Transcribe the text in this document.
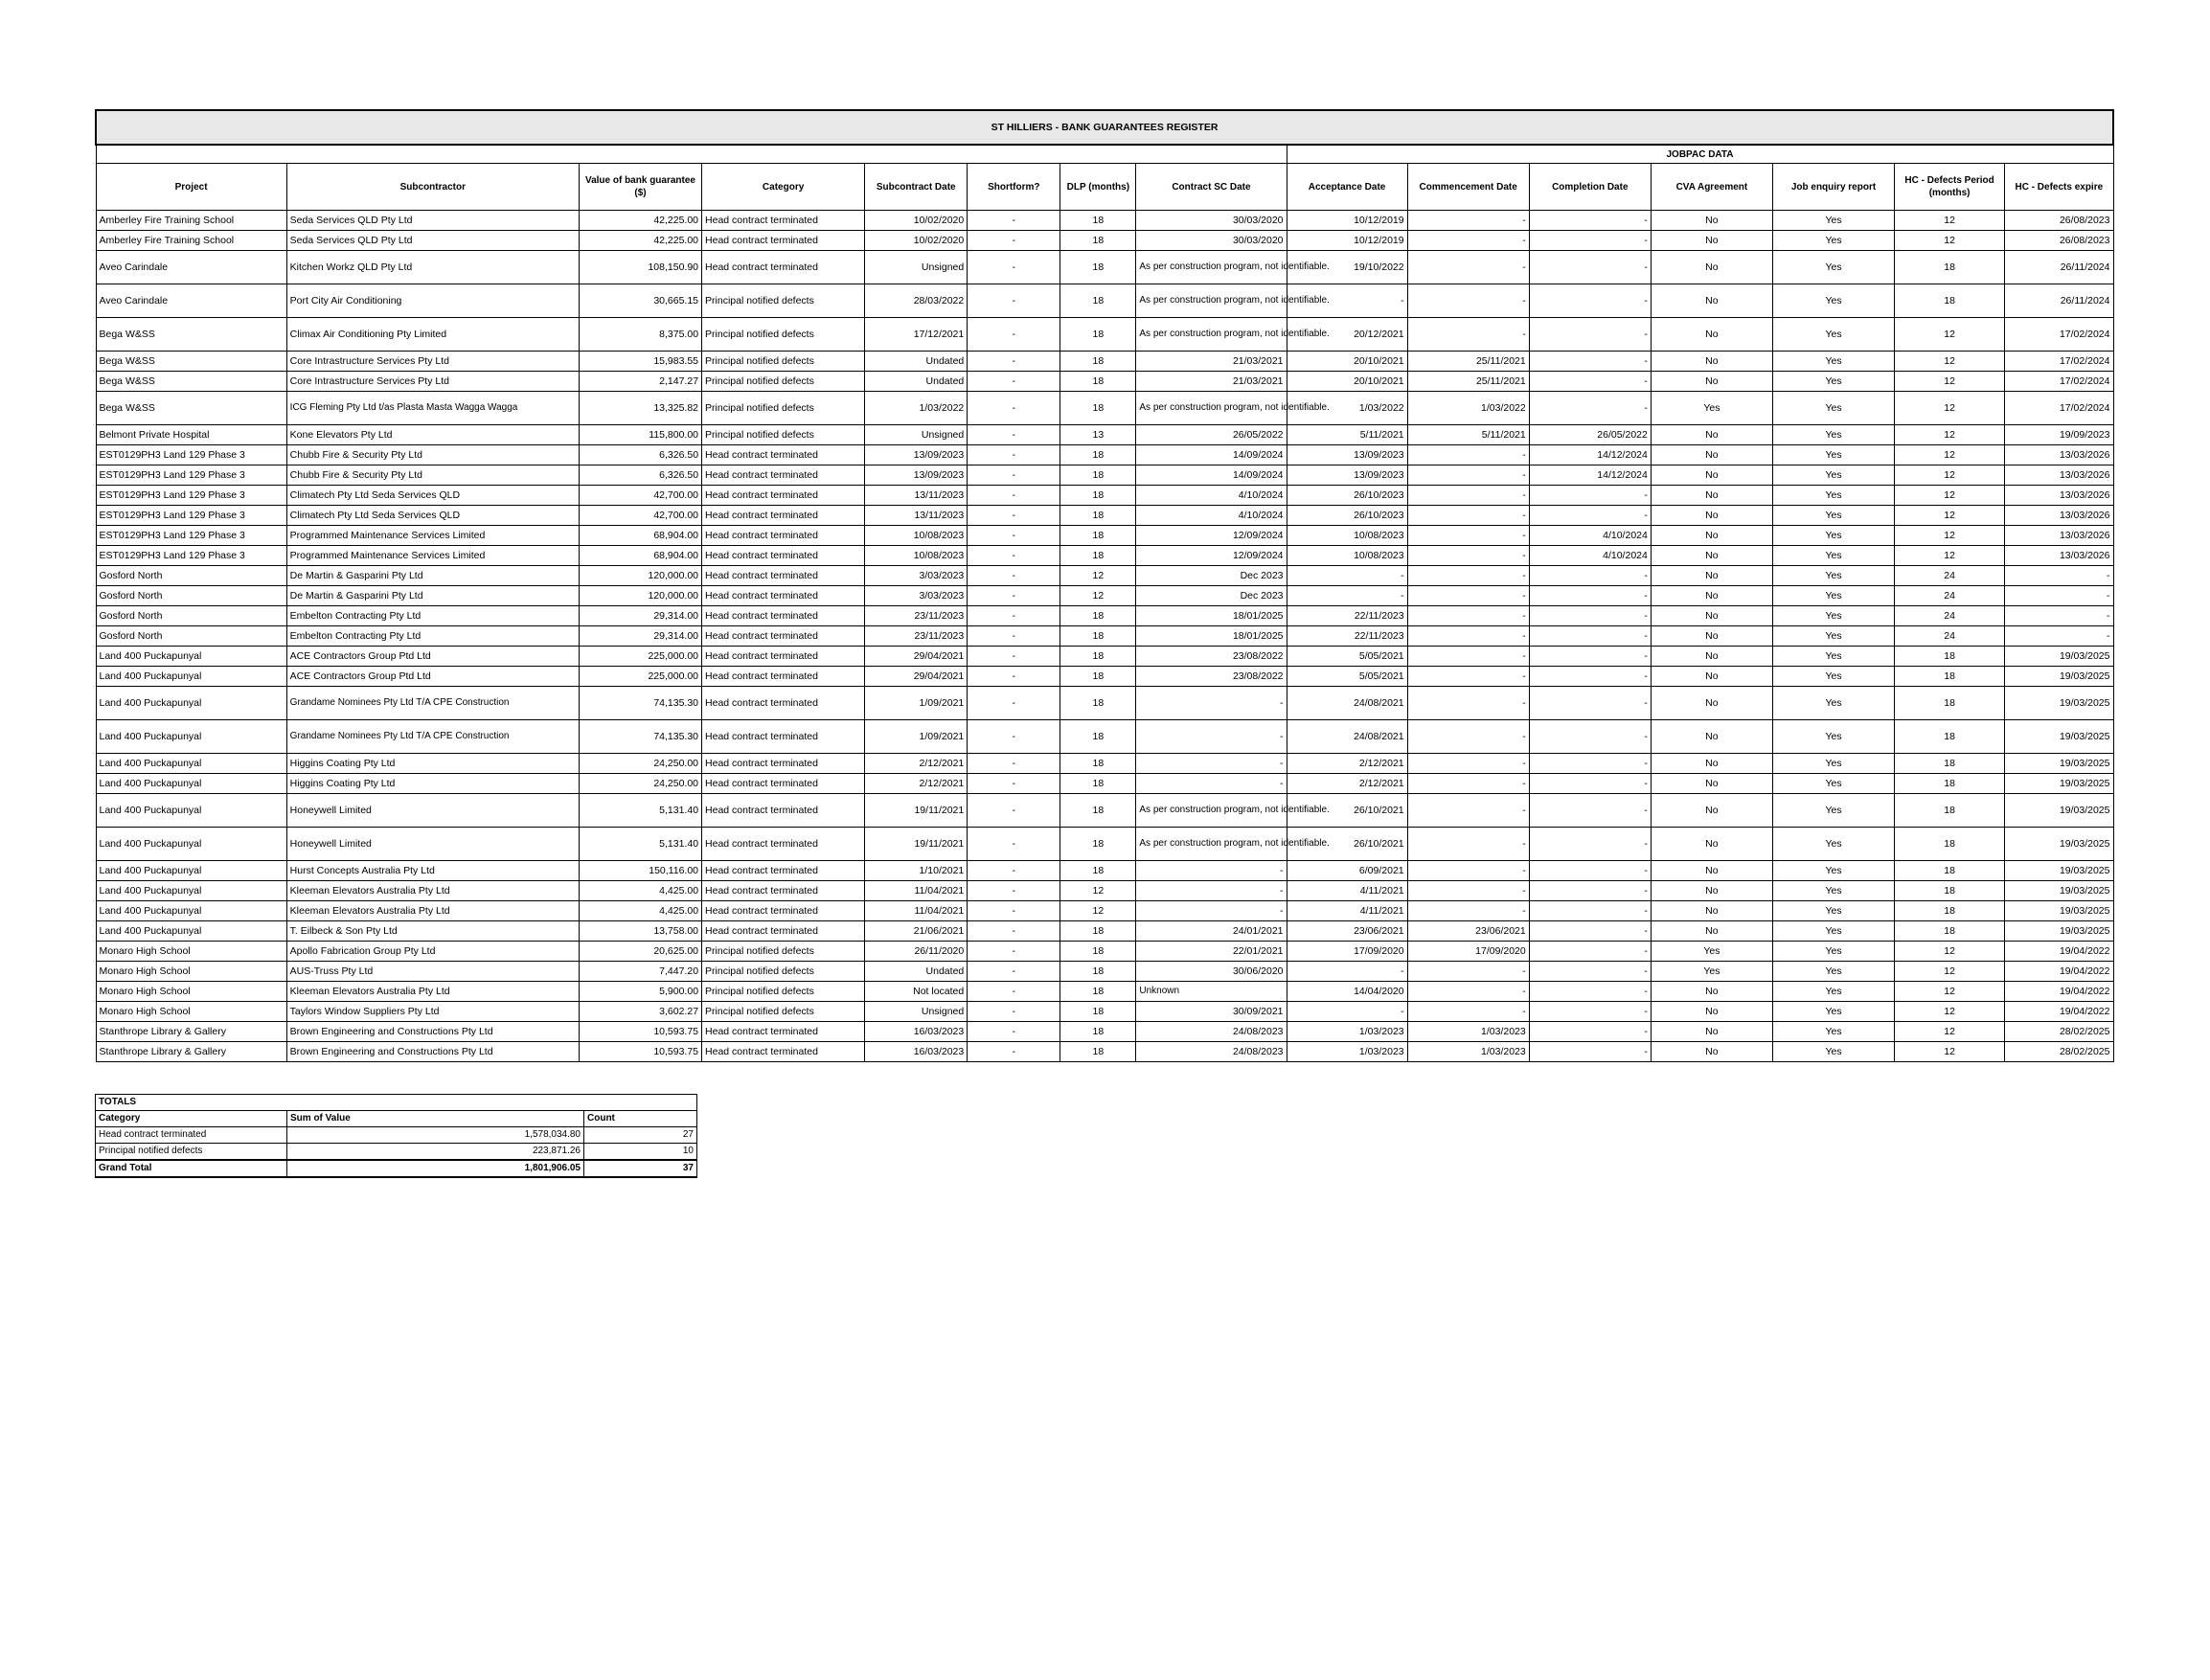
ST HILLIERS - BANK GUARANTEES REGISTER														
								JOBPAC DATA						
Project	Subcontractor	Value of bank guarantee ($)	Category	Subcontract Date	Shortform?	DLP (months)	Contract SC Date	Acceptance Date	Commencement Date	Completion Date	CVA Agreement	Job enquiry report	HC - Defects Period (months)	HC - Defects expire
Amberley Fire Training School	Seda Services QLD Pty Ltd	42,225.00	Head contract terminated	10/02/2020	-	18	30/03/2020	10/12/2019	-	-	No	Yes	12	26/08/2023
Amberley Fire Training School	Seda Services QLD Pty Ltd	42,225.00	Head contract terminated	10/02/2020	-	18	30/03/2020	10/12/2019	-	-	No	Yes	12	26/08/2023
Aveo Carindale	Kitchen Workz QLD Pty Ltd	108,150.90	Head contract terminated	Unsigned	-	18	As per construction program, not identifiable.	19/10/2022	-	-	No	Yes	18	26/11/2024
Aveo Carindale	Port City Air Conditioning	30,665.15	Principal notified defects	28/03/2022	-	18	As per construction program, not identifiable.	-	-	-	No	Yes	18	26/11/2024
Bega W&SS	Climax Air Conditioning Pty Limited	8,375.00	Principal notified defects	17/12/2021	-	18	As per construction program, not identifiable.	20/12/2021	-	-	No	Yes	12	17/02/2024
Bega W&SS	Core Intrastructure Services Pty Ltd	15,983.55	Principal notified defects	Undated	-	18	21/03/2021	20/10/2021	25/11/2021	-	No	Yes	12	17/02/2024
Bega W&SS	Core Intrastructure Services Pty Ltd	2,147.27	Principal notified defects	Undated	-	18	21/03/2021	20/10/2021	25/11/2021	-	No	Yes	12	17/02/2024
Bega W&SS	ICG Fleming Pty Ltd t/as Plasta Masta Wagga Wagga	13,325.82	Principal notified defects	1/03/2022	-	18	As per construction program, not identifiable.	1/03/2022	1/03/2022	-	Yes	Yes	12	17/02/2024
Belmont Private Hospital	Kone Elevators Pty Ltd	115,800.00	Principal notified defects	Unsigned	-	13	26/05/2022	5/11/2021	5/11/2021	26/05/2022	No	Yes	12	19/09/2023
EST0129PH3 Land 129 Phase 3	Chubb Fire & Security Pty Ltd	6,326.50	Head contract terminated	13/09/2023	-	18	14/09/2024	13/09/2023	-	14/12/2024	No	Yes	12	13/03/2026
EST0129PH3 Land 129 Phase 3	Chubb Fire & Security Pty Ltd	6,326.50	Head contract terminated	13/09/2023	-	18	14/09/2024	13/09/2023	-	14/12/2024	No	Yes	12	13/03/2026
EST0129PH3 Land 129 Phase 3	Climatech Pty Ltd Seda Services QLD	42,700.00	Head contract terminated	13/11/2023	-	18	4/10/2024	26/10/2023	-	-	No	Yes	12	13/03/2026
EST0129PH3 Land 129 Phase 3	Climatech Pty Ltd Seda Services QLD	42,700.00	Head contract terminated	13/11/2023	-	18	4/10/2024	26/10/2023	-	-	No	Yes	12	13/03/2026
EST0129PH3 Land 129 Phase 3	Programmed Maintenance Services Limited	68,904.00	Head contract terminated	10/08/2023	-	18	12/09/2024	10/08/2023	-	4/10/2024	No	Yes	12	13/03/2026
EST0129PH3 Land 129 Phase 3	Programmed Maintenance Services Limited	68,904.00	Head contract terminated	10/08/2023	-	18	12/09/2024	10/08/2023	-	4/10/2024	No	Yes	12	13/03/2026
Gosford North	De Martin & Gasparini Pty Ltd	120,000.00	Head contract terminated	3/03/2023	-	12	Dec 2023	-	-	-	No	Yes	24	-
Gosford North	De Martin & Gasparini Pty Ltd	120,000.00	Head contract terminated	3/03/2023	-	12	Dec 2023	-	-	-	No	Yes	24	-
Gosford North	Embelton Contracting Pty Ltd	29,314.00	Head contract terminated	23/11/2023	-	18	18/01/2025	22/11/2023	-	-	No	Yes	24	-
Gosford North	Embelton Contracting Pty Ltd	29,314.00	Head contract terminated	23/11/2023	-	18	18/01/2025	22/11/2023	-	-	No	Yes	24	-
Land 400 Puckapunyal	ACE Contractors Group Ptd Ltd	225,000.00	Head contract terminated	29/04/2021	-	18	23/08/2022	5/05/2021	-	-	No	Yes	18	19/03/2025
Land 400 Puckapunyal	ACE Contractors Group Ptd Ltd	225,000.00	Head contract terminated	29/04/2021	-	18	23/08/2022	5/05/2021	-	-	No	Yes	18	19/03/2025
Land 400 Puckapunyal	Grandame Nominees Pty Ltd T/A CPE Construction	74,135.30	Head contract terminated	1/09/2021	-	18	-	24/08/2021	-	-	No	Yes	18	19/03/2025
Land 400 Puckapunyal	Grandame Nominees Pty Ltd T/A CPE Construction	74,135.30	Head contract terminated	1/09/2021	-	18	-	24/08/2021	-	-	No	Yes	18	19/03/2025
Land 400 Puckapunyal	Higgins Coating Pty Ltd	24,250.00	Head contract terminated	2/12/2021	-	18	-	2/12/2021	-	-	No	Yes	18	19/03/2025
Land 400 Puckapunyal	Higgins Coating Pty Ltd	24,250.00	Head contract terminated	2/12/2021	-	18	-	2/12/2021	-	-	No	Yes	18	19/03/2025
Land 400 Puckapunyal	Honeywell Limited	5,131.40	Head contract terminated	19/11/2021	-	18	As per construction program, not identifiable.	26/10/2021	-	-	No	Yes	18	19/03/2025
Land 400 Puckapunyal	Honeywell Limited	5,131.40	Head contract terminated	19/11/2021	-	18	As per construction program, not identifiable.	26/10/2021	-	-	No	Yes	18	19/03/2025
Land 400 Puckapunyal	Hurst Concepts Australia Pty Ltd	150,116.00	Head contract terminated	1/10/2021	-	18	-	6/09/2021	-	-	No	Yes	18	19/03/2025
Land 400 Puckapunyal	Kleeman Elevators Australia Pty Ltd	4,425.00	Head contract terminated	11/04/2021	-	12	-	4/11/2021	-	-	No	Yes	18	19/03/2025
Land 400 Puckapunyal	Kleeman Elevators Australia Pty Ltd	4,425.00	Head contract terminated	11/04/2021	-	12	-	4/11/2021	-	-	No	Yes	18	19/03/2025
Land 400 Puckapunyal	T. Eilbeck & Son Pty Ltd	13,758.00	Head contract terminated	21/06/2021	-	18	24/01/2021	23/06/2021	23/06/2021	-	No	Yes	18	19/03/2025
Monaro High School	Apollo Fabrication Group Pty Ltd	20,625.00	Principal notified defects	26/11/2020	-	18	22/01/2021	17/09/2020	17/09/2020	-	Yes	Yes	12	19/04/2022
Monaro High School	AUS-Truss Pty Ltd	7,447.20	Principal notified defects	Undated	-	18	30/06/2020	-	-	-	Yes	Yes	12	19/04/2022
Monaro High School	Kleeman Elevators Australia Pty Ltd	5,900.00	Principal notified defects	Not located	-	18	Unknown	14/04/2020	-	-	No	Yes	12	19/04/2022
Monaro High School	Taylors Window Suppliers Pty Ltd	3,602.27	Principal notified defects	Unsigned	-	18	30/09/2021	-	-	-	No	Yes	12	19/04/2022
Stanthrope Library & Gallery	Brown Engineering and Constructions Pty Ltd	10,593.75	Head contract terminated	16/03/2023	-	18	24/08/2023	1/03/2023	1/03/2023	-	No	Yes	12	28/02/2025
Stanthrope Library & Gallery	Brown Engineering and Constructions Pty Ltd	10,593.75	Head contract terminated	16/03/2023	-	18	24/08/2023	1/03/2023	1/03/2023	-	No	Yes	12	28/02/2025
TOTALS		
Category	Sum of Value	Count
Head contract terminated	1,578,034.80	27
Principal notified defects	223,871.26	10
Grand Total	1,801,906.05	37
